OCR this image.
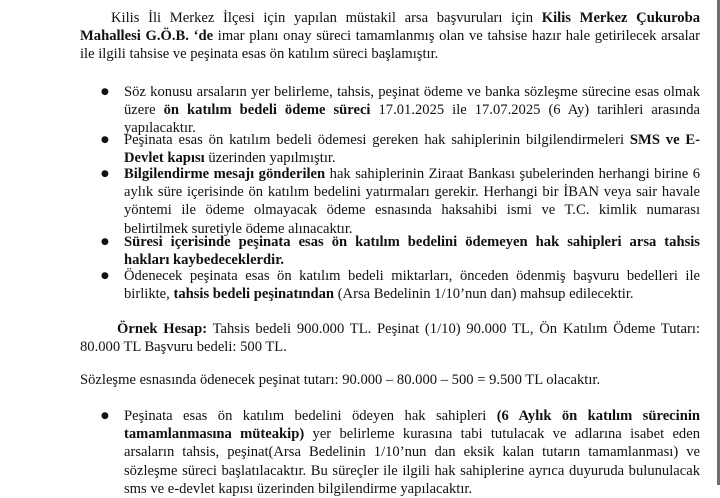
Kilis İli Merkez İlçesi için yapılan müstakil arsa başvuruları için Kilis Merkez Çukuroba Mahallesi G.Ö.B. ‘de imar planı onay süreci tamamlanmış olan ve tahsise hazır hale getirilecek arsalar ile ilgili tahsise ve peşinata esas ön katılım süreci başlamıştır.

● Söz konusu arsaların yer belirleme, tahsis, peşinat ödeme ve banka sözleşme sürecine esas olmak üzere ön katılım bedeli ödeme süreci 17.01.2025 ile 17.07.2025 (6 Ay) tarihleri arasında yapılacaktır.

● Peşinata esas ön katılım bedeli ödemesi gereken hak sahiplerinin bilgilendirmeleri SMS ve E-Devlet kapısı üzerinden yapılmıştır.

● Bilgilendirme mesajı gönderilen hak sahiplerinin Ziraat Bankası şubelerinden herhangi birine 6 aylık süre içerisinde ön katılım bedelini yatırmaları gerekir. Herhangi bir İBAN veya sair havale yöntemi ile ödeme olmayacak ödeme esnasında haksahibi ismi ve T.C. kimlik numarası belirtilmek suretiyle ödeme alınacaktır.

● Süresi içerisinde peşinata esas ön katılım bedelini ödemeyen hak sahipleri arsa tahsis hakları kaybedeceklerdir.

● Ödenecek peşinata esas ön katılım bedeli miktarları, önceden ödenmiş başvuru bedelleri ile birlikte, tahsis bedeli peşinatından (Arsa Bedelinin 1/10’nun dan) mahsup edilecektir.

Örnek Hesap: Tahsis bedeli 900.000 TL. Peşinat (1/10) 90.000 TL, Ön Katılım Ödeme Tutarı: 80.000 TL Başvuru bedeli: 500 TL.

Sözleşme esnasında ödenecek peşinat tutarı: 90.000 – 80.000 – 500 = 9.500 TL olacaktır.

● Peşinata esas ön katılım bedelini ödeyen hak sahipleri (6 Aylık ön katılım sürecinin tamamlanmasına müteakip) yer belirleme kurasına tabi tutulacak ve adlarına isabet eden arsaların tahsis, peşinat(Arsa Bedelinin 1/10’nun dan eksik kalan tutarın tamamlanması) ve sözleşme süreci başlatılacaktır. Bu süreçler ile ilgili hak sahiplerine ayrıca duyuruda bulunulacak sms ve e-devlet kapısı üzerinden bilgilendirme yapılacaktır.
